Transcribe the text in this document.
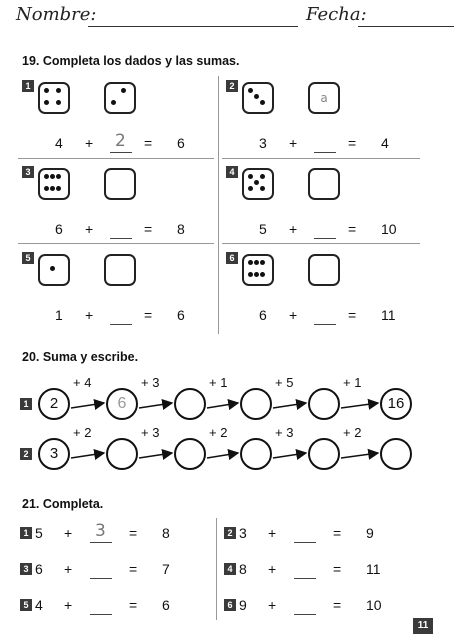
Nombre:	Fecha:
19. Completa los dados y las sumas.
1
4 + 2 = 6
2
a
3 +	= 4
3
6 +	= 8
4
5 +	= 10
5
1 +	= 6
6
6 +	= 11
20. Suma y escribe.
1	2	6	16
+ 4	+ 3	+ 1	+ 5	+ 1
2	3
+ 2	+ 3	+ 2	+ 3	+ 2
21. Completa.
1 5 + 3 = 8	2 3 +	= 9
3 6 +	= 7	4 8 +	= 11
5 4 +	= 6	6 9 +	= 10
11
